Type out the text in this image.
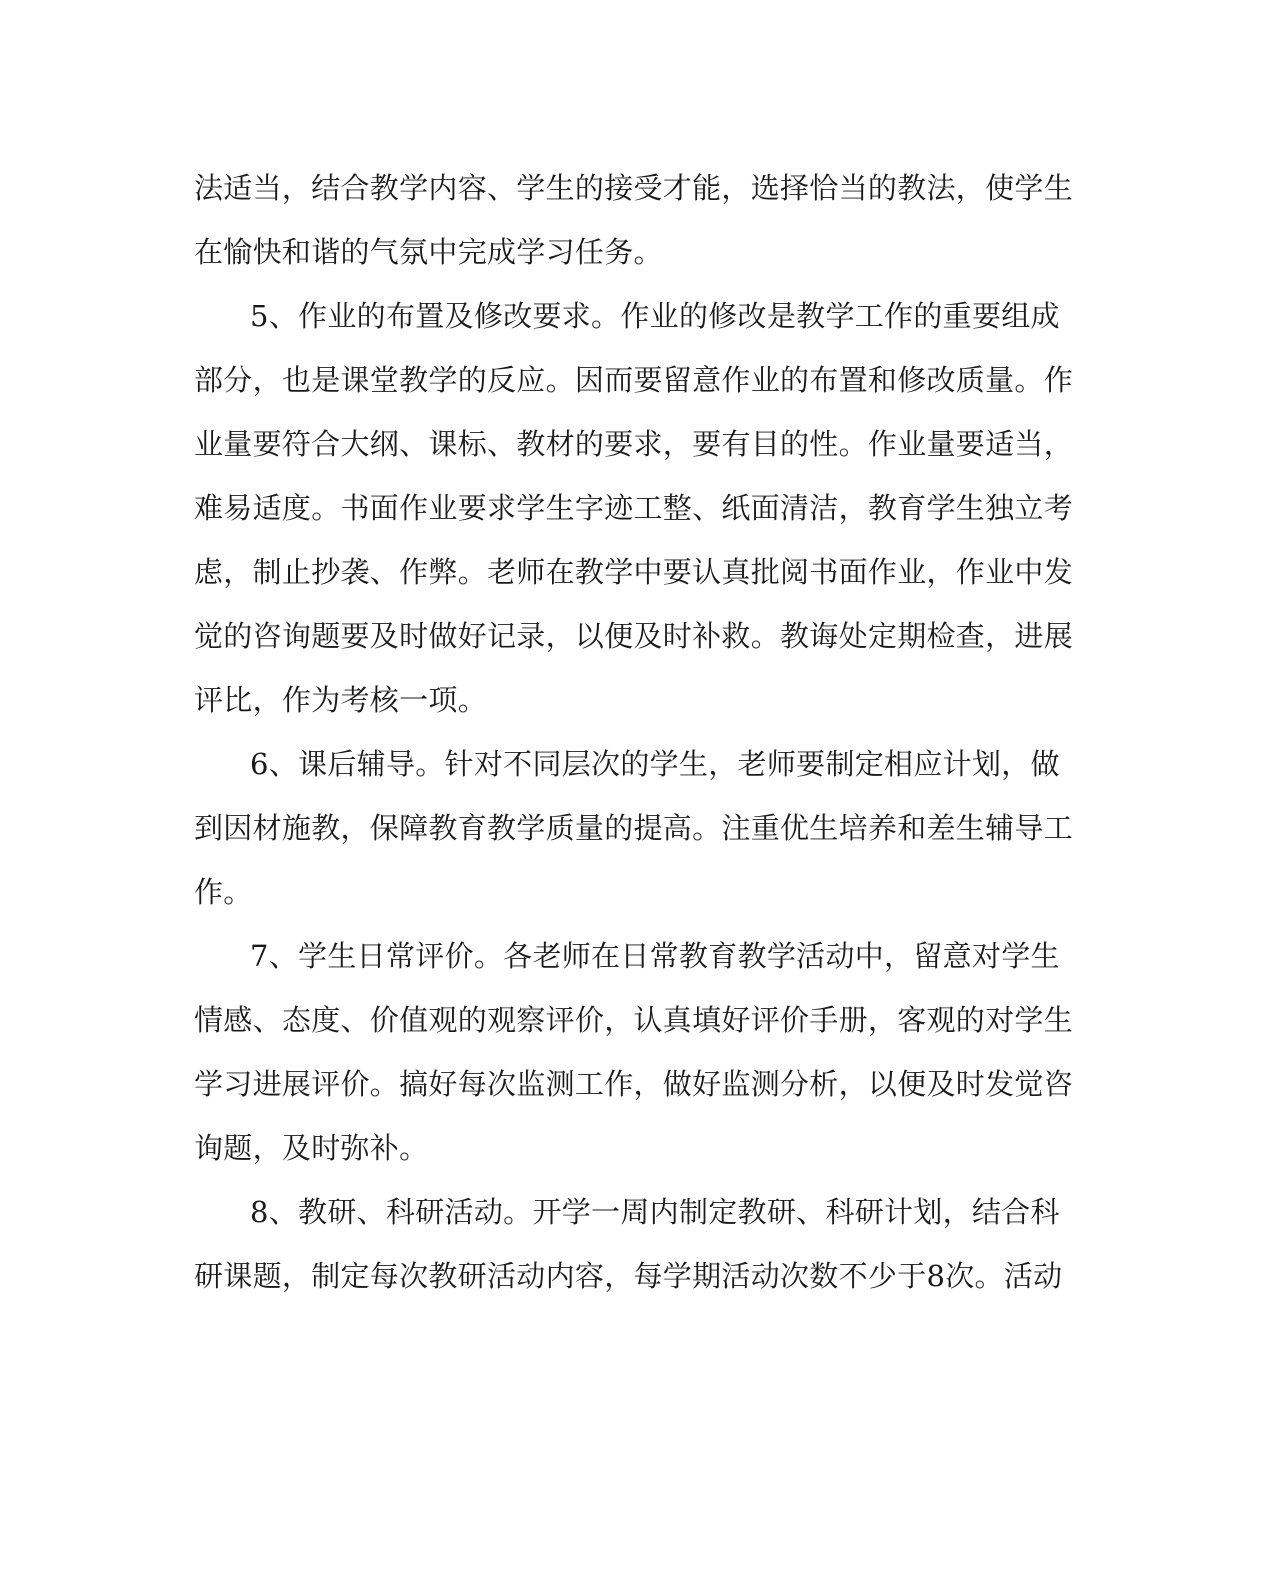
法适当，结合教学内容、学生的接受才能，选择恰当的教法，使学生
在愉快和谐的气氛中完成学习任务。
5、作业的布置及修改要求。作业的修改是教学工作的重要组成
部分，也是课堂教学的反应。因而要留意作业的布置和修改质量。作
业量要符合大纲、课标、教材的要求，要有目的性。作业量要适当，
难易适度。书面作业要求学生字迹工整、纸面清洁，教育学生独立考
虑，制止抄袭、作弊。老师在教学中要认真批阅书面作业，作业中发
觉的咨询题要及时做好记录，以便及时补救。教诲处定期检查，进展
评比，作为考核一项。
6、课后辅导。针对不同层次的学生，老师要制定相应计划，做
到因材施教，保障教育教学质量的提高。注重优生培养和差生辅导工
作。
7、学生日常评价。各老师在日常教育教学活动中，留意对学生
情感、态度、价值观的观察评价，认真填好评价手册，客观的对学生
学习进展评价。搞好每次监测工作，做好监测分析，以便及时发觉咨
询题，及时弥补。
8、教研、科研活动。开学一周内制定教研、科研计划，结合科
研课题，制定每次教研活动内容，每学期活动次数不少于8次。活动
